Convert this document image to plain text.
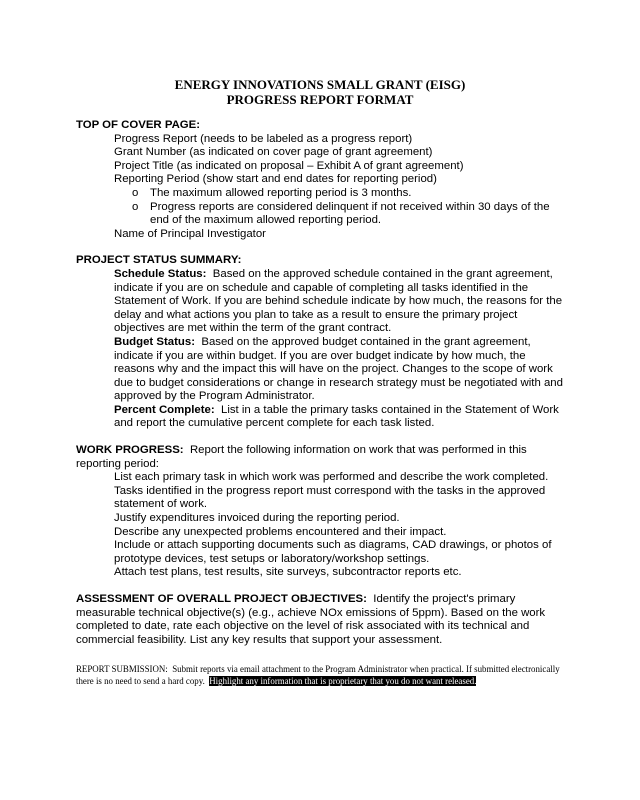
ENERGY INNOVATIONS SMALL GRANT (EISG)
PROGRESS REPORT FORMAT
TOP OF COVER PAGE:
Progress Report (needs to be labeled as a progress report)
Grant Number (as indicated on cover page of grant agreement)
Project Title (as indicated on proposal – Exhibit A of grant agreement)
Reporting Period (show start and end dates for reporting period)
o The maximum allowed reporting period is 3 months.
o Progress reports are considered delinquent if not received within 30 days of the end of the maximum allowed reporting period.
Name of Principal Investigator
PROJECT STATUS SUMMARY:
Schedule Status: Based on the approved schedule contained in the grant agreement, indicate if you are on schedule and capable of completing all tasks identified in the Statement of Work. If you are behind schedule indicate by how much, the reasons for the delay and what actions you plan to take as a result to ensure the primary project objectives are met within the term of the grant contract.
Budget Status: Based on the approved budget contained in the grant agreement, indicate if you are within budget. If you are over budget indicate by how much, the reasons why and the impact this will have on the project. Changes to the scope of work due to budget considerations or change in research strategy must be negotiated with and approved by the Program Administrator.
Percent Complete: List in a table the primary tasks contained in the Statement of Work and report the cumulative percent complete for each task listed.
WORK PROGRESS: Report the following information on work that was performed in this reporting period:
List each primary task in which work was performed and describe the work completed. Tasks identified in the progress report must correspond with the tasks in the approved statement of work.
Justify expenditures invoiced during the reporting period.
Describe any unexpected problems encountered and their impact.
Include or attach supporting documents such as diagrams, CAD drawings, or photos of prototype devices, test setups or laboratory/workshop settings.
Attach test plans, test results, site surveys, subcontractor reports etc.
ASSESSMENT OF OVERALL PROJECT OBJECTIVES: Identify the project's primary measurable technical objective(s) (e.g., achieve NOx emissions of 5ppm). Based on the work completed to date, rate each objective on the level of risk associated with its technical and commercial feasibility. List any key results that support your assessment.
REPORT SUBMISSION: Submit reports via email attachment to the Program Administrator when practical. If submitted electronically there is no need to send a hard copy. Highlight any information that is proprietary that you do not want released.
